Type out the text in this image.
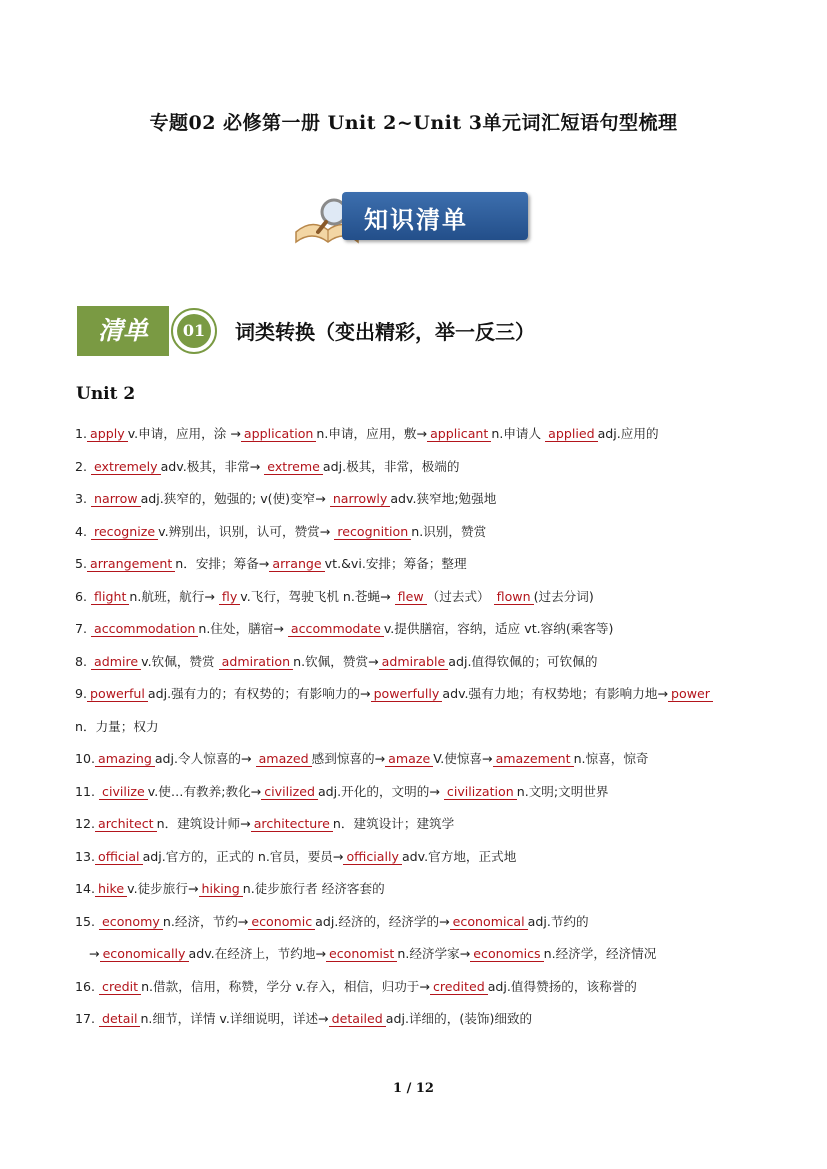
专题02 必修第一册 Unit 2~Unit 3单元词汇短语句型梳理
知识清单
清单	01 词类转换（变出精彩，举一反三）
Unit 2
1. applyv.申请，应用，涂 →applicationn.申请，应用，敷→ applicantn.申请人 appliedadj.应用的
2. extremelyadv.极其，非常→ extremeadj.极其，非常，极端的
3. narrowadj.狭窄的，勉强的; v(使)变窄→ narrowlyadv.狭窄地;勉强地
4. recognizev.辨别出，识别，认可，赞赏→ recognitionn.识别，赞赏
5. arrangementn．安排；筹备→ arrangevt.&vi.安排；筹备；整理
6. flightn.航班，航行→ flyv.飞行，驾驶飞机 n.苍蝇→ flew（过去式） flown(过去分词)
7. accommodationn.住处，膳宿→ accommodatev.提供膳宿，容纳，适应 vt.容纳(乘客等)
8. admirev.钦佩，赞赏 admirationn.钦佩，赞赏→ admirableadj.值得钦佩的；可钦佩的
9. powerfuladj.强有力的；有权势的；有影响力的→ powerfullyadv.强有力地；有权势地；有影响力地→ power
n．力量；权力
10. amazingadj.令人惊喜的→ amazed感到惊喜的→ amazeV.使惊喜→ amazementn.惊喜，惊奇
11. civilizev.使…有教养;教化→ civilizedadj.开化的，文明的→ civilizationn.文明;文明世界
12. architectn．建筑设计师→ architecturen．建筑设计；建筑学
13. officialadj.官方的，正式的 n.官员，要员→ officiallyadv.官方地，正式地
14. hikev.徒步旅行→ hikingn.徒步旅行者 经济客套的
15. economyn.经济，节约→ economicadj.经济的，经济学的→ economicaladj.节约的
→ economicallyadv.在经济上，节约地→ economistn.经济学家→ economicsn.经济学，经济情况
16. creditn.借款，信用，称赞，学分 v.存入，相信，归功于→ creditedadj.值得赞扬的，该称誉的
17. detailn.细节，详情 v.详细说明，详述→ detailedadj.详细的，(装饰)细致的
1 / 12
